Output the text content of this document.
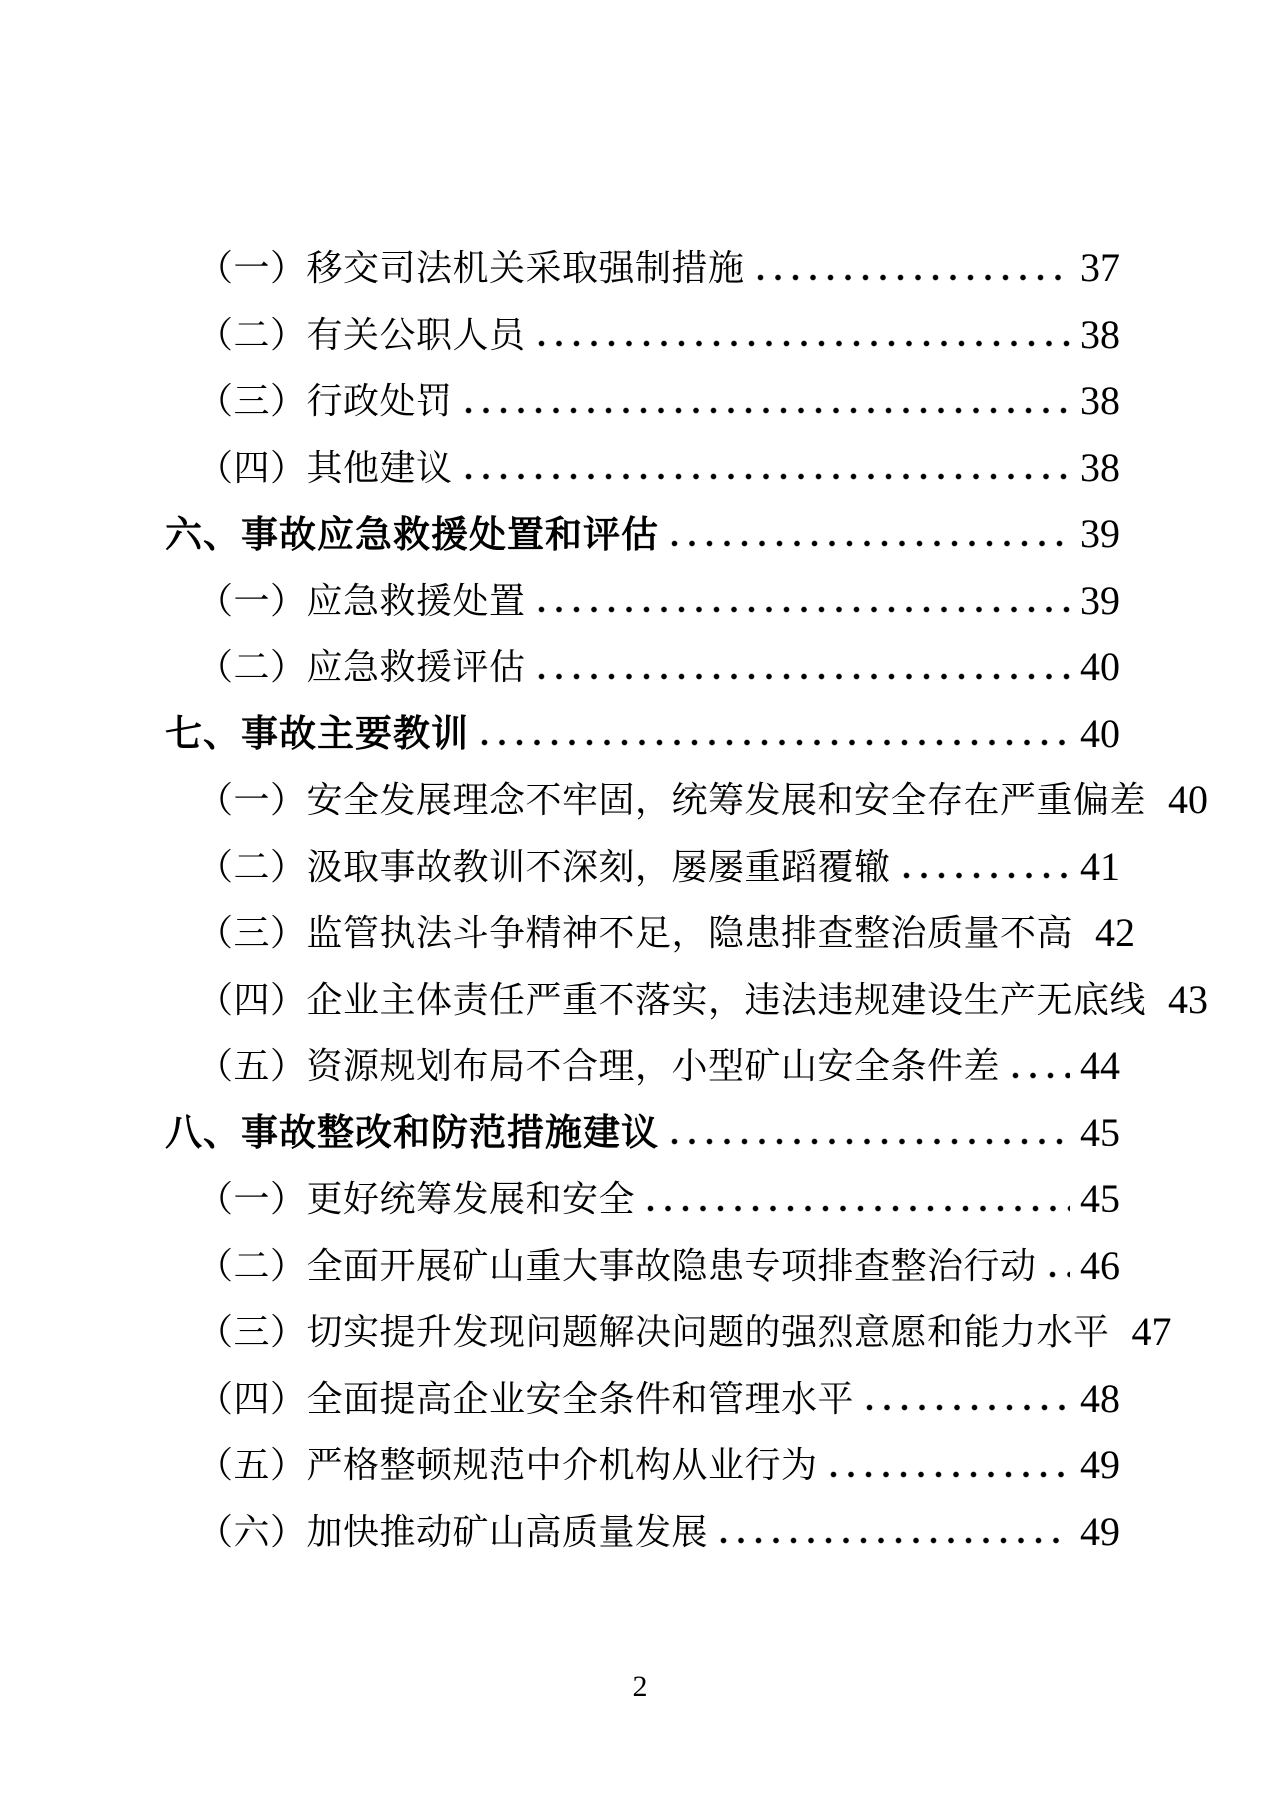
（一）移交司法机关采取强制措施	37
（二）有关公职人员	38
（三）行政处罚	38
（四）其他建议	38
六、事故应急救援处置和评估	39
（一）应急救援处置	39
（二）应急救援评估	40
七、事故主要教训	40
（一）安全发展理念不牢固，统筹发展和安全存在严重偏差 40
（二）汲取事故教训不深刻，屡屡重蹈覆辙	41
（三）监管执法斗争精神不足，隐患排查整治质量不高 42
（四）企业主体责任严重不落实，违法违规建设生产无底线 43
（五）资源规划布局不合理，小型矿山安全条件差 44
八、事故整改和防范措施建议	45
（一）更好统筹发展和安全	45
（二）全面开展矿山重大事故隐患专项排查整治行动 46
（三）切实提升发现问题解决问题的强烈意愿和能力水平 47
（四）全面提高企业安全条件和管理水平	48
（五）严格整顿规范中介机构从业行为	49
（六）加快推动矿山高质量发展	49
2
